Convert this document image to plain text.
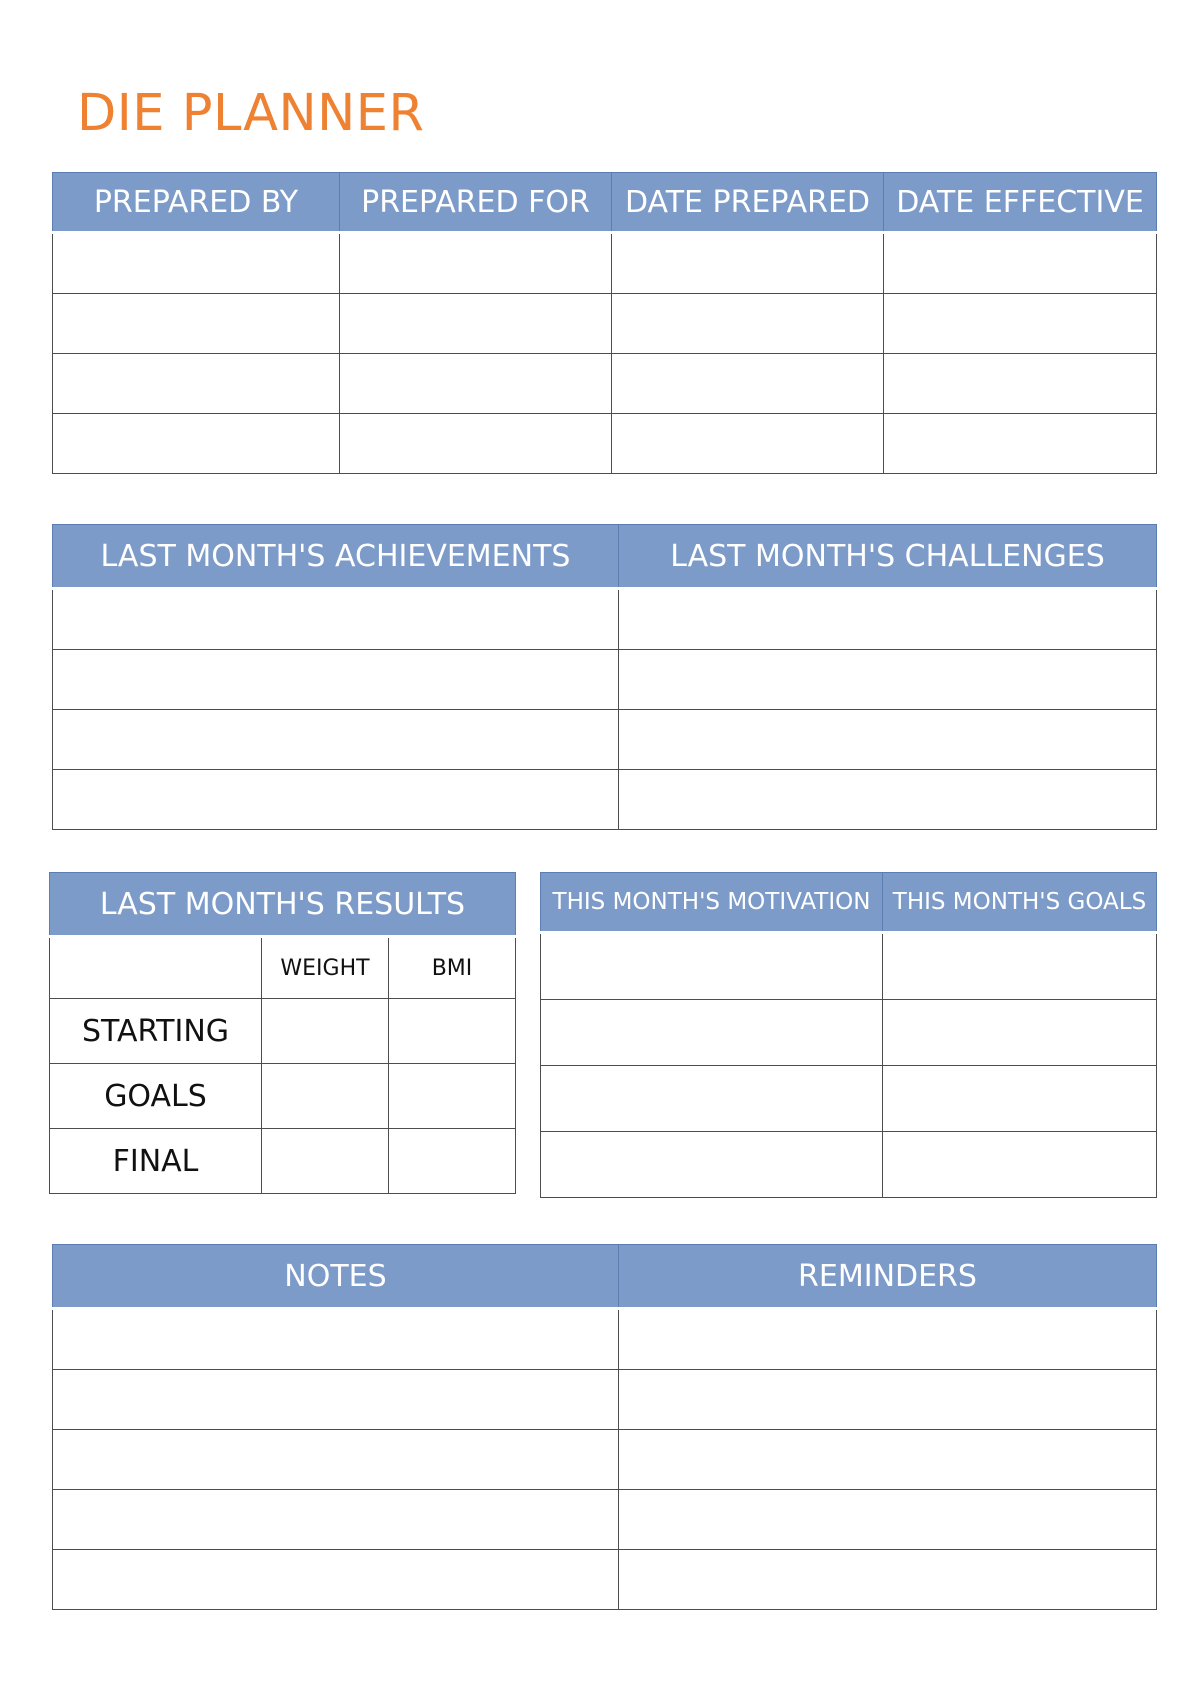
DIE PLANNER
PREPARED BY	PREPARED FOR	DATE PREPARED	DATE EFFECTIVE

LAST MONTH'S ACHIEVEMENTS	LAST MONTH'S CHALLENGES

LAST MONTH'S RESULTS		
	WEIGHT	BMI
STARTING		
GOALS		
FINAL		
THIS MONTH'S MOTIVATION	THIS MONTH'S GOALS

NOTES	REMINDERS
